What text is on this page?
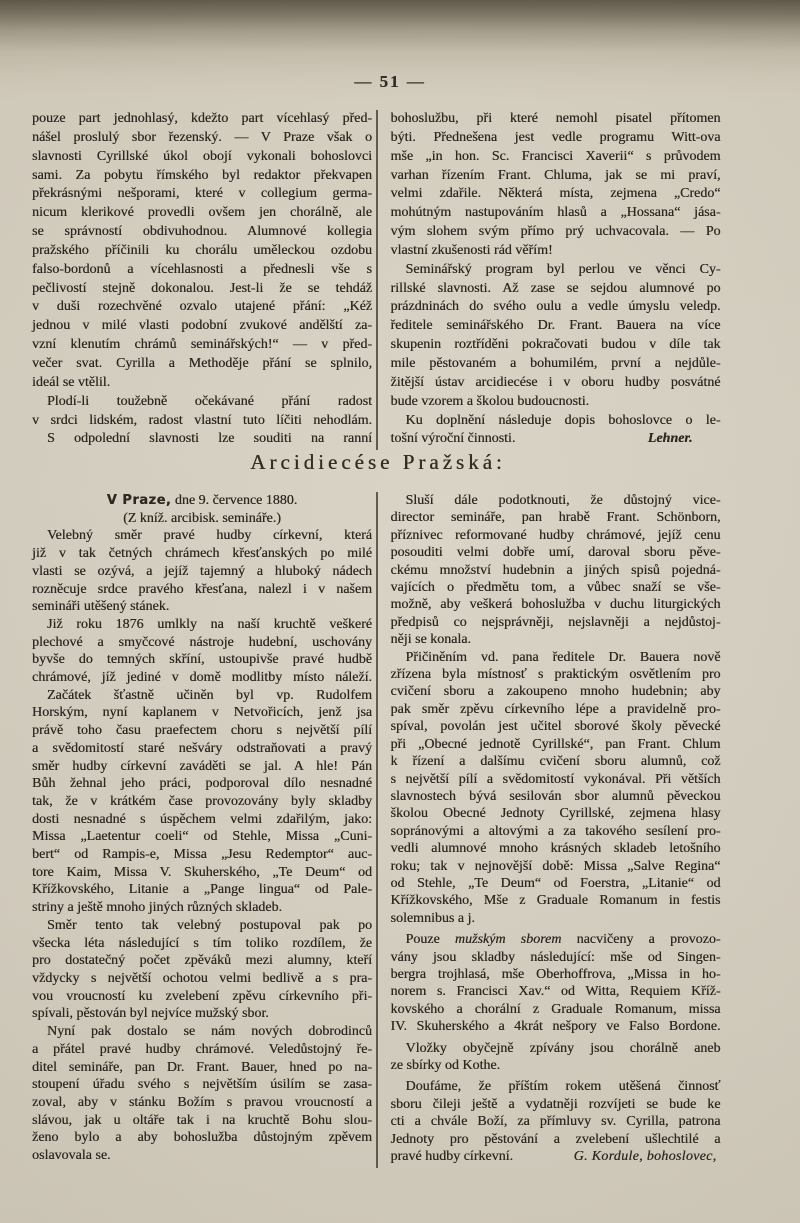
— 51 —
pouze part jednohlasý, kdežto part vícehlasý před-
nášel proslulý sbor řezenský. — V Praze však o
slavnosti Cyrillské úkol obojí vykonali bohoslovci
sami. Za pobytu římského byl redaktor překvapen
překrásnými nešporami, které v collegium germa-
nicum klerikové provedli ovšem jen chorálně, ale
se správností obdivuhodnou. Alumnové kollegia
pražského příčinili ku chorálu uměleckou ozdobu
falso-bordonů a vícehlasnosti a přednesli vše s
pečlivostí stejně dokonalou. Jest-li že se tehdáž
v duši rozechvěné ozvalo utajené přání: „Kéž
jednou v milé vlasti podobní zvukové andělští za-
vzní klenutím chrámů seminářských!“ — v před-
večer svat. Cyrilla a Methoděje přání se splnilo,
ideál se vtělil.
Plodí-li toužebně očekávané přání radost
v srdci lidském, radost vlastní tuto líčiti nehodlám.
S odpolední slavnosti lze souditi na ranní
bohoslužbu, při které nemohl pisatel přítomen
býti. Přednešena jest vedle programu Witt-ova
mše „in hon. Sc. Francisci Xaverii“ s průvodem
varhan řízením Frant. Chluma, jak se mi praví,
velmi zdařile. Některá místa, zejmena „Credo“
mohútným nastupováním hlasů a „Hossana“ jása-
vým slohem svým přímo prý uchvacovala. — Po
vlastní zkušenosti rád věřím!
Seminářský program byl perlou ve věnci Cy-
rillské slavnosti. Až zase se sejdou alumnové po
prázdninách do svého oulu a vedle úmyslu veledp.
ředitele seminářského Dr. Frant. Bauera na více
skupenin roztříděni pokračovati budou v díle tak
mile pěstovaném a bohumilém, první a nejdůle-
žitější ústav arcidiecése i v oboru hudby posvátné
bude vzorem a školou budoucnosti.
Ku doplnění následuje dopis bohoslovce o le-
tošní výroční činnosti.	Lehner.
Arcidiecése Pražská:
V Praze, dne 9. července 1880.
(Z kníž. arcibisk. semináře.)
Velebný směr pravé hudby církevní, která
již v tak četných chrámech křesťanských po milé
vlasti se ozývá, a jejíž tajemný a hluboký nádech
rozněcuje srdce pravého křesťana, nalezl i v našem
semináři utěšený stánek.
Již roku 1876 umlkly na naší kruchtě veškeré
plechové a smyčcové nástroje hudební, uschovány
byvše do temných skříní, ustoupivše pravé hudbě
chrámové, jíž jediné v domě modlitby místo náleží.
Začátek šťastně učiněn byl vp. Rudolfem
Horským, nyní kaplanem v Netvořicích, jenž jsa
právě toho času praefectem choru s největší pílí
a svědomitostí staré nešváry odstraňovati a pravý
směr hudby církevní zaváděti se jal. A hle! Pán
Bůh žehnal jeho práci, podporoval dílo nesnadné
tak, že v krátkém čase provozovány byly skladby
dosti nesnadné s úspěchem velmi zdařilým, jako:
Missa „Laetentur coeli“ od Stehle, Missa „Cuni-
bert“ od Rampis-e, Missa „Jesu Redemptor“ auc-
tore Kaim, Missa V. Skuherského, „Te Deum“ od
Křížkovského, Litanie a „Pange lingua“ od Pale-
striny a ještě mnoho jiných různých skladeb.
Směr tento tak velebný postupoval pak po
všecka léta následující s tím toliko rozdílem, že
pro dostatečný počet zpěváků mezi alumny, kteří
vždycky s největší ochotou velmi bedlivě a s pra-
vou vroucností ku zvelebení zpěvu církevního při-
spívali, pěstován byl nejvíce mužský sbor.
Nyní pak dostalo se nám nových dobrodinců
a přátel pravé hudby chrámové. Veledůstojný ře-
ditel semináře, pan Dr. Frant. Bauer, hned po na-
stoupení úřadu svého s největším úsilím se zasa-
zoval, aby v stánku Božím s pravou vroucností a
slávou, jak u oltáře tak i na kruchtě Bohu slou-
ženo bylo a aby bohoslužba důstojným zpěvem
oslavovala se.
Sluší dále podotknouti, že důstojný vice-
director semináře, pan hrabě Frant. Schönborn,
příznivec reformované hudby chrámové, jejíž cenu
posouditi velmi dobře umí, daroval sboru pěve-
ckému množství hudebnin a jiných spisů pojedná-
vajících o předmětu tom, a vůbec snaží se vše-
možně, aby veškerá bohoslužba v duchu liturgických
předpisů co nejsprávněji, nejslavněji a nejdůstoj-
něji se konala.
Přičiněním vd. pana ředitele Dr. Bauera nově
zřízena byla místnosť s praktickým osvětlením pro
cvičení sboru a zakoupeno mnoho hudebnin; aby
pak směr zpěvu církevního lépe a pravidelně pro-
spíval, povolán jest učitel sborové školy pěvecké
při „Obecné jednotě Cyrillské“, pan Frant. Chlum
k řízení a dalšímu cvičení sboru alumnů, což
s největší pílí a svědomitostí vykonával. Při větších
slavnostech bývá sesilován sbor alumnů pěveckou
školou Obecné Jednoty Cyrillské, zejmena hlasy
sopránovými a altovými a za takového sesílení pro-
vedli alumnové mnoho krásných skladeb letošního
roku; tak v nejnovější době: Missa „Salve Regina“
od Stehle, „Te Deum“ od Foerstra, „Litanie“ od
Křížkovského, Mše z Graduale Romanum in festis
solemnibus a j.
Pouze mužským sborem nacvičeny a provozo-
vány jsou skladby následující: mše od Singen-
bergra trojhlasá, mše Oberhoffrova, „Missa in ho-
norem s. Francisci Xav.“ od Witta, Requiem Kříž-
kovského a chorální z Graduale Romanum, missa
IV. Skuherského a 4krát nešpory ve Falso Bordone.
Vložky obyčejně zpívány jsou chorálně aneb
ze sbírky od Kothe.
Doufáme, že příštím rokem utěšená činnosť
sboru čileji ještě a vydatněji rozvíjeti se bude ke
cti a chvále Boží, za přímluvy sv. Cyrilla, patrona
Jednoty pro pěstování a zvelebení ušlechtilé a
pravé hudby církevní.	G. Kordule, bohoslovec,
